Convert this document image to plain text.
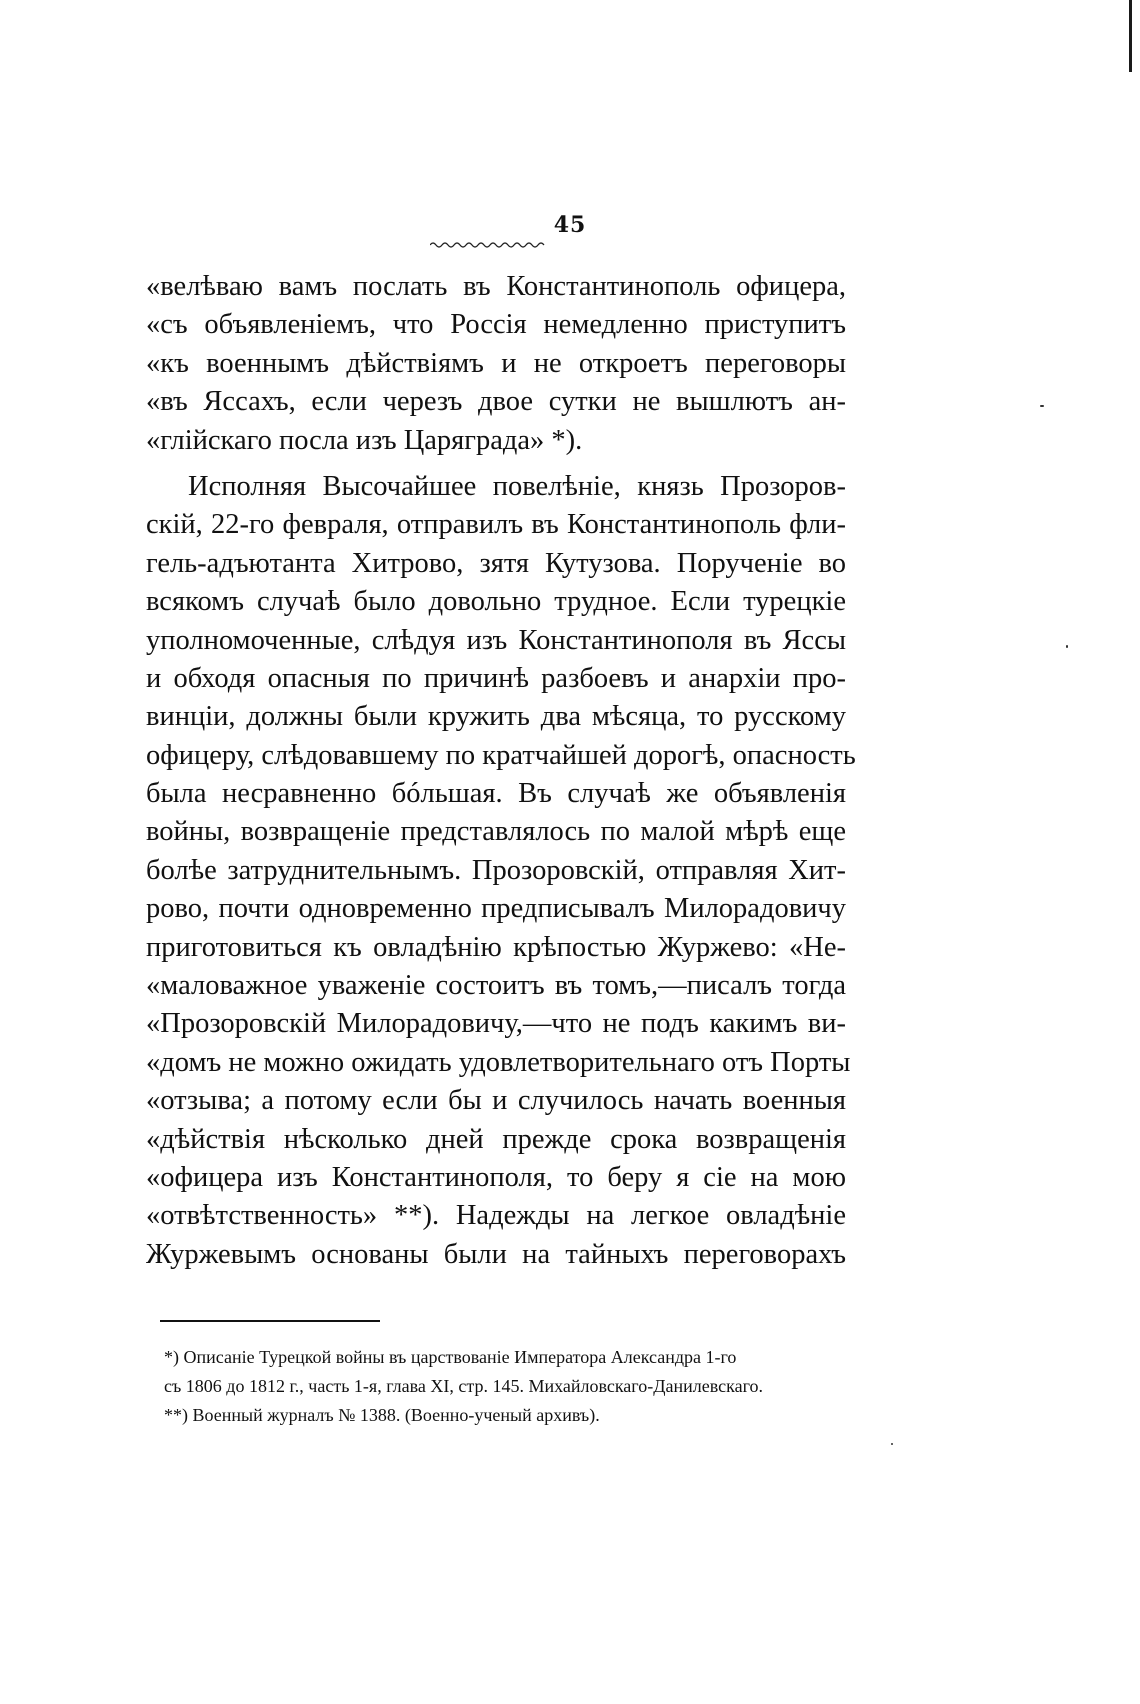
45
«велѣваю вамъ послать въ Константинополь офицера,
«съ объявленіемъ, что Россія немедленно приступитъ
«къ военнымъ дѣйствіямъ и не откроетъ переговоры
«въ Яссахъ, если черезъ двое сутки не вышлютъ ан-
«глійскаго посла изъ Царяграда» *).
Исполняя Высочайшее повелѣніе, князь Прозоров-
скій, 22-го февраля, отправилъ въ Константинополь фли-
гель-адъютанта Хитрово, зятя Кутузова. Порученіе во
всякомъ случаѣ было довольно трудное. Если турецкіе
уполномоченные, слѣдуя изъ Константинополя въ Яссы
и обходя опасныя по причинѣ разбоевъ и анархіи про-
винціи, должны были кружить два мѣсяца, то русскому
офицеру, слѣдовавшему по кратчайшей дорогѣ, опасность
была несравненно бóльшая. Въ случаѣ же объявленія
войны, возвращеніе представлялось по малой мѣрѣ еще
болѣе затруднительнымъ. Прозоровскій, отправляя Хит-
рово, почти одновременно предписывалъ Милорадовичу
приготовиться къ овладѣнію крѣпостью Журжево: «Не-
«маловажное уваженіе состоитъ въ томъ,—писалъ тогда
«Прозоровскій Милорадовичу,—что не подъ какимъ ви-
«домъ не можно ожидать удовлетворительнаго отъ Порты
«отзыва; а потому если бы и случилось начать военныя
«дѣйствія нѣсколько дней прежде срока возвращенія
«офицера изъ Константинополя, то беру я сіе на мою
«отвѣтственность» **). Надежды на легкое овладѣніе
Журжевымъ основаны были на тайныхъ переговорахъ
*) Описаніе Турецкой войны въ царствованіе Императора Александра 1-го
съ 1806 до 1812 г., часть 1-я, глава XI, стр. 145. Михайловскаго-Данилевскаго.
**) Военный журналъ № 1388. (Военно-ученый архивъ).
